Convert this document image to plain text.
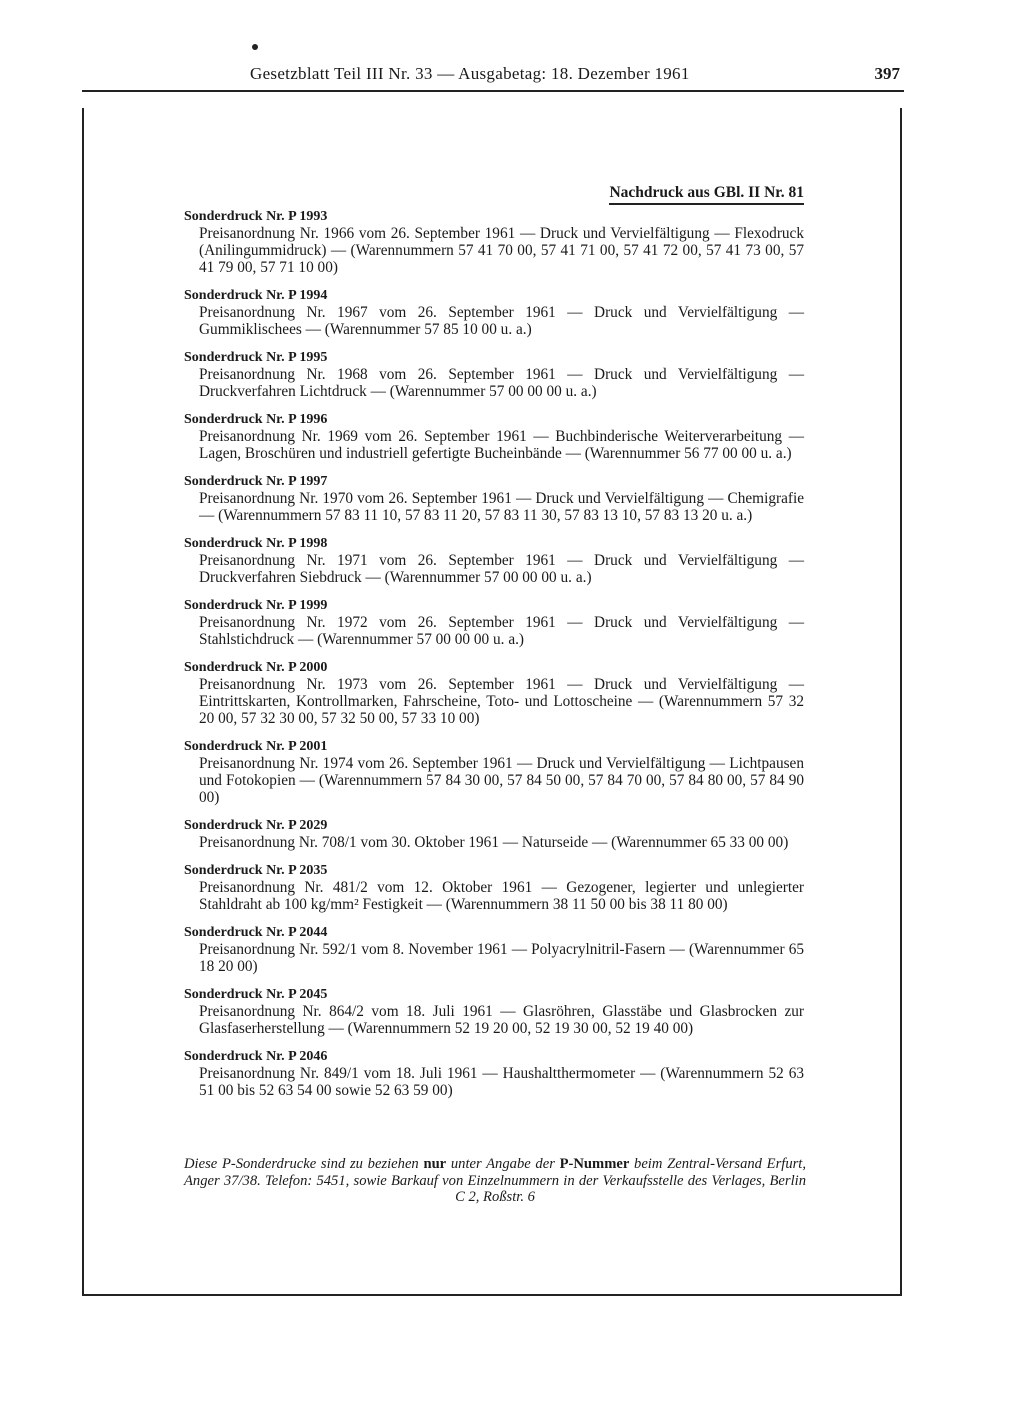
Gesetzblatt Teil III Nr. 33 — Ausgabetag: 18. Dezember 1961	397
Nachdruck aus GBl. II Nr. 81
Sonderdruck Nr. P 1993
Preisanordnung Nr. 1966 vom 26. September 1961 — Druck und Vervielfältigung — Flexodruck (Anilingummidruck) — (Warennummern 57 41 70 00, 57 41 71 00, 57 41 72 00, 57 41 73 00, 57 41 79 00, 57 71 10 00)
Sonderdruck Nr. P 1994
Preisanordnung Nr. 1967 vom 26. September 1961 — Druck und Vervielfältigung — Gummiklischees — (Warennummer 57 85 10 00 u. a.)
Sonderdruck Nr. P 1995
Preisanordnung Nr. 1968 vom 26. September 1961 — Druck und Vervielfältigung — Druckverfahren Lichtdruck — (Warennummer 57 00 00 00 u. a.)
Sonderdruck Nr. P 1996
Preisanordnung Nr. 1969 vom 26. September 1961 — Buchbinderische Weiterverarbeitung — Lagen, Broschüren und industriell gefertigte Bucheinbände — (Warennummer 56 77 00 00 u. a.)
Sonderdruck Nr. P 1997
Preisanordnung Nr. 1970 vom 26. September 1961 — Druck und Vervielfältigung — Chemigrafie — (Warennummern 57 83 11 10, 57 83 11 20, 57 83 11 30, 57 83 13 10, 57 83 13 20 u. a.)
Sonderdruck Nr. P 1998
Preisanordnung Nr. 1971 vom 26. September 1961 — Druck und Vervielfältigung — Druckverfahren Siebdruck — (Warennummer 57 00 00 00 u. a.)
Sonderdruck Nr. P 1999
Preisanordnung Nr. 1972 vom 26. September 1961 — Druck und Vervielfältigung — Stahlstichdruck — (Warennummer 57 00 00 00 u. a.)
Sonderdruck Nr. P 2000
Preisanordnung Nr. 1973 vom 26. September 1961 — Druck und Vervielfältigung — Eintrittskarten, Kontrollmarken, Fahrscheine, Toto- und Lottoscheine — (Warennummern 57 32 20 00, 57 32 30 00, 57 32 50 00, 57 33 10 00)
Sonderdruck Nr. P 2001
Preisanordnung Nr. 1974 vom 26. September 1961 — Druck und Vervielfältigung — Lichtpausen und Fotokopien — (Warennummern 57 84 30 00, 57 84 50 00, 57 84 70 00, 57 84 80 00, 57 84 90 00)
Sonderdruck Nr. P 2029
Preisanordnung Nr. 708/1 vom 30. Oktober 1961 — Naturseide — (Warennummer 65 33 00 00)
Sonderdruck Nr. P 2035
Preisanordnung Nr. 481/2 vom 12. Oktober 1961 — Gezogener, legierter und unlegierter Stahldraht ab 100 kg/mm² Festigkeit — (Warennummern 38 11 50 00 bis 38 11 80 00)
Sonderdruck Nr. P 2044
Preisanordnung Nr. 592/1 vom 8. November 1961 — Polyacrylnitril-Fasern — (Warennummer 65 18 20 00)
Sonderdruck Nr. P 2045
Preisanordnung Nr. 864/2 vom 18. Juli 1961 — Glasröhren, Glasstäbe und Glasbrocken zur Glasfaserherstellung — (Warennummern 52 19 20 00, 52 19 30 00, 52 19 40 00)
Sonderdruck Nr. P 2046
Preisanordnung Nr. 849/1 vom 18. Juli 1961 — Haushaltthermometer — (Warennummern 52 63 51 00 bis 52 63 54 00 sowie 52 63 59 00)
Diese P-Sonderdrucke sind zu beziehen nur unter Angabe der P-Nummer beim Zentral-Versand Erfurt, Anger 37/38. Telefon: 5451, sowie Barkauf von Einzelnummern in der Verkaufsstelle des Verlages, Berlin C 2, Roßstr. 6
